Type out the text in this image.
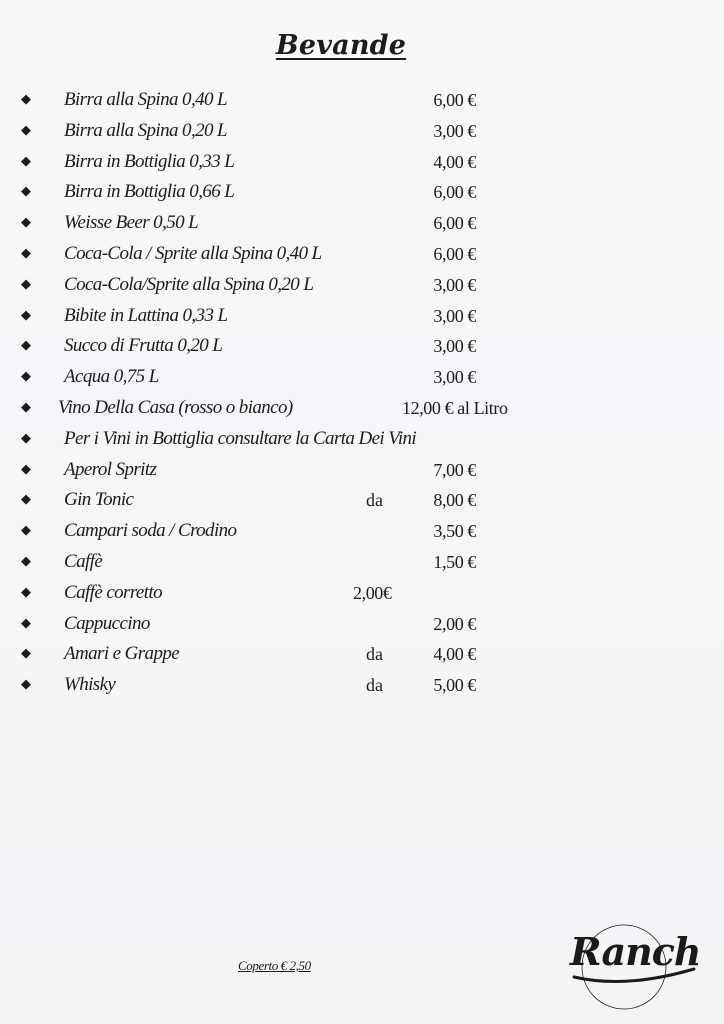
Bevande
◆ Birra alla Spina 0,40 L	6,00 €
◆ Birra alla Spina 0,20 L	3,00 €
◆ Birra in Bottiglia 0,33 L	4,00 €
◆ Birra in Bottiglia 0,66 L	6,00 €
◆ Weisse Beer 0,50 L	6,00 €
◆ Coca-Cola / Sprite alla Spina 0,40 L	6,00 €
◆ Coca-Cola/Sprite alla Spina 0,20 L	3,00 €
◆ Bibite in Lattina 0,33 L	3,00 €
◆ Succo di Frutta 0,20 L	3,00 €
◆ Acqua 0,75 L	3,00 €
◆ Vino Della Casa (rosso o bianco)	12,00 € al Litro
◆ Per i Vini in Bottiglia consultare la Carta Dei Vini
◆ Aperol Spritz	7,00 €
◆ Gin Tonic	da	8,00 €
◆ Campari soda / Crodino	3,50 €
◆ Caffè	1,50 €
◆ Caffè corretto	2,00€
◆ Cappuccino	2,00 €
◆ Amari e Grappe	da	4,00 €
◆ Whisky	da	5,00 €
Coperto € 2,50	Ranch
